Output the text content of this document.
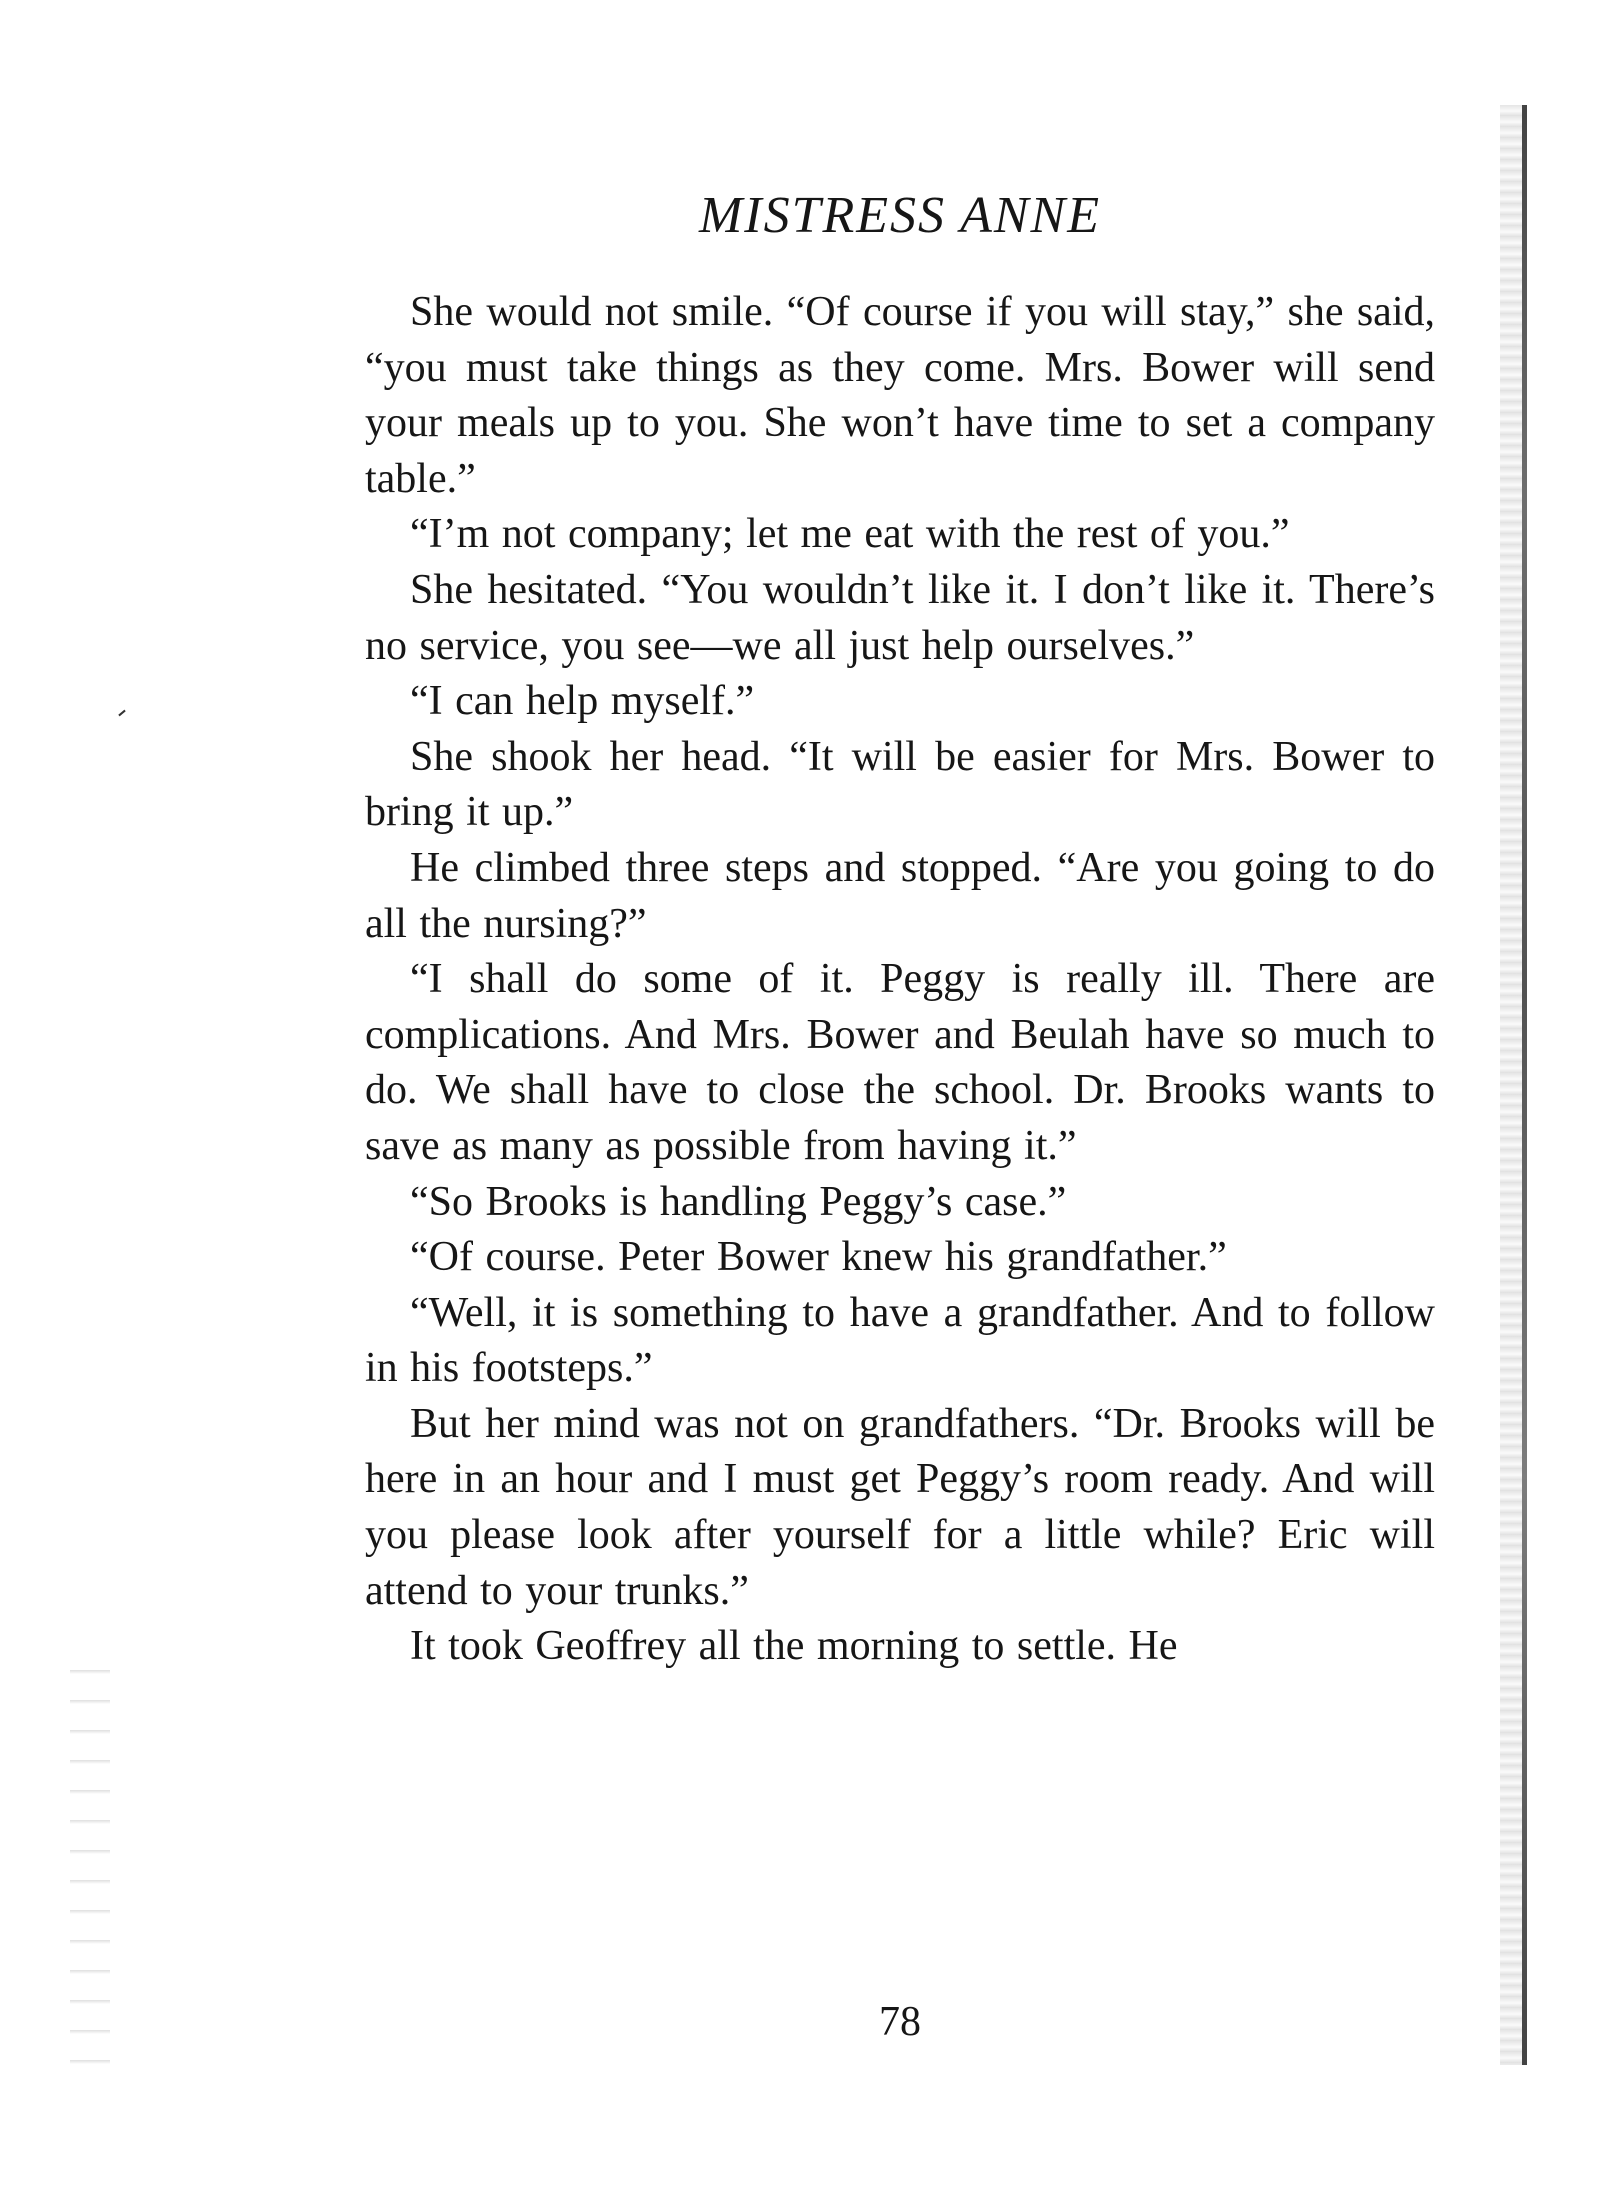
MISTRESS ANNE

She would not smile. “Of course if you will stay,” she said, “you must take things as they come. Mrs. Bower will send your meals up to you. She won’t have time to set a company table.”

“I’m not company; let me eat with the rest of you.”

She hesitated. “You wouldn’t like it. I don’t like it. There’s no service, you see—we all just help ourselves.”

“I can help myself.”

She shook her head. “It will be easier for Mrs. Bower to bring it up.”

He climbed three steps and stopped. “Are you going to do all the nursing?”

“I shall do some of it. Peggy is really ill. There are complications. And Mrs. Bower and Beulah have so much to do. We shall have to close the school. Dr. Brooks wants to save as many as possible from having it.”

“So Brooks is handling Peggy’s case.”

“Of course. Peter Bower knew his grandfather.”

“Well, it is something to have a grandfather. And to follow in his footsteps.”

But her mind was not on grandfathers. “Dr. Brooks will be here in an hour and I must get Peggy’s room ready. And will you please look after yourself for a little while? Eric will attend to your trunks.”

It took Geoffrey all the morning to settle. He

78
